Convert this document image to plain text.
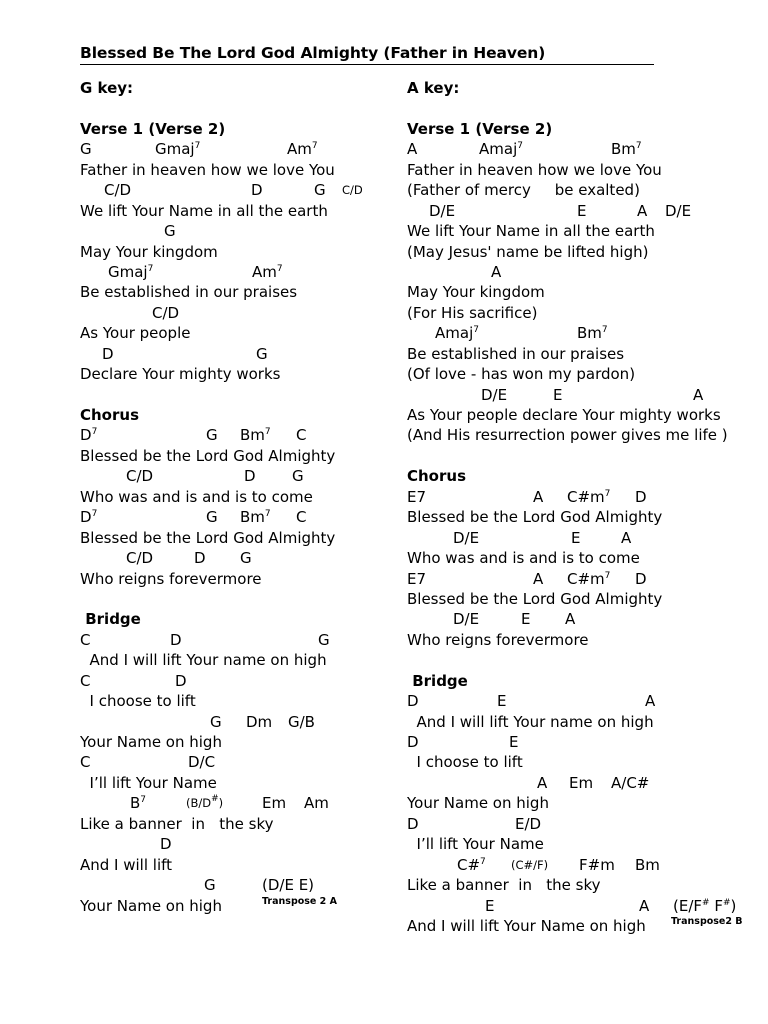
Blessed Be The Lord God Almighty (Father in Heaven)
G key:
Verse 1 (Verse 2)
G	Gmaj$^7$	Am$^7$
Father in heaven how we love You
C/D	D	G C/D
We lift Your Name in all the earth
G
May Your kingdom
Gmaj$^7$	Am$^7$
Be established in our praises
C/D
As Your people
D	G
Declare Your mighty works
Chorus
$D^7$	G Bm$^7$ C
Blessed be the Lord God Almighty
C/D	D G
Who was and is and is to come
$D^7$	G Bm$^7$ C
Blessed be the Lord God Almighty
C/D	D G
Who reigns forevermore
Bridge
C	D	G
And I will lift Your name on high
C	D
I choose to lift
G Dm G/B
Your Name on high
C	D/C
I’ll lift Your Name
$B^7$	(B/D#)	Em Am
Like a banner  in   the sky
D
And I will lift
G	(D/E E)
Your Name on high	Transpose 2 A
A key:
Verse 1 (Verse 2)
A	Amaj$^7$	Bm$^7$
Father in heaven how we love You
(Father of mercy     be exalted)
D/E	E	A D/E
We lift Your Name in all the earth
(May Jesus' name be lifted high)
A
May Your kingdom
(For His sacrifice)
Amaj$^7$	Bm$^7$
Be established in our praises
(Of love - has won my pardon)
D/E	E	A
As Your people declare Your mighty works
(And His resurrection power gives me life )
Chorus
E7	A $C\#m^7$ D
Blessed be the Lord God Almighty
D/E	E	A
Who was and is and is to come
E7	A $C\#m^7$ D
Blessed be the Lord God Almighty
D/E	E A
Who reigns forevermore
Bridge
D	E	A
And I will lift Your name on high
D	E
I choose to lift
A Em A/C#
Your Name on high
D	E/D
I’ll lift Your Name
C#$^7$ (C#/F) F#m Bm
Like a banner  in   the sky
E	A (E/F# F#)
And I will lift Your Name on high	Transpose2 B
